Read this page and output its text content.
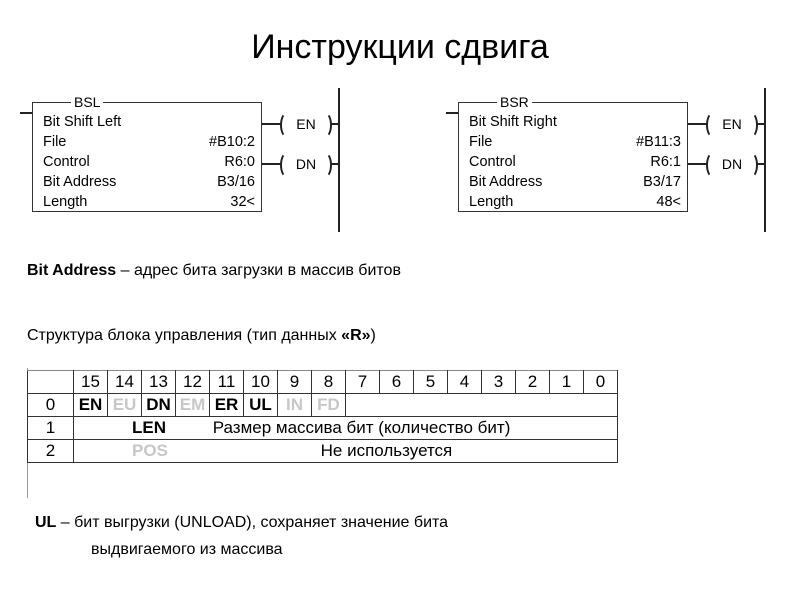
Инструкции сдвига
BSL
Bit Shift Left
File	#B10:2
Control	R6:0
Bit Address	B3/16
Length	32<
EN
DN
BSR
Bit Shift Right
File	#B11:3
Control	R6:1
Bit Address	B3/17
Length	48<
EN
DN
Bit Address – адрес бита загрузки в массив битов
Структура блока управления (тип данных «R»)
	15	14	13	12	11	10	9	8	7	6	5	4	3	2	1	0
0	EN	EU	DN	EM	ER	UL	IN	FD								
1	LEN Размер массива бит (количество бит)															
2	POS Не используется															
UL – бит выгрузки (UNLOAD), сохраняет значение бита
выдвигаемого из массива
